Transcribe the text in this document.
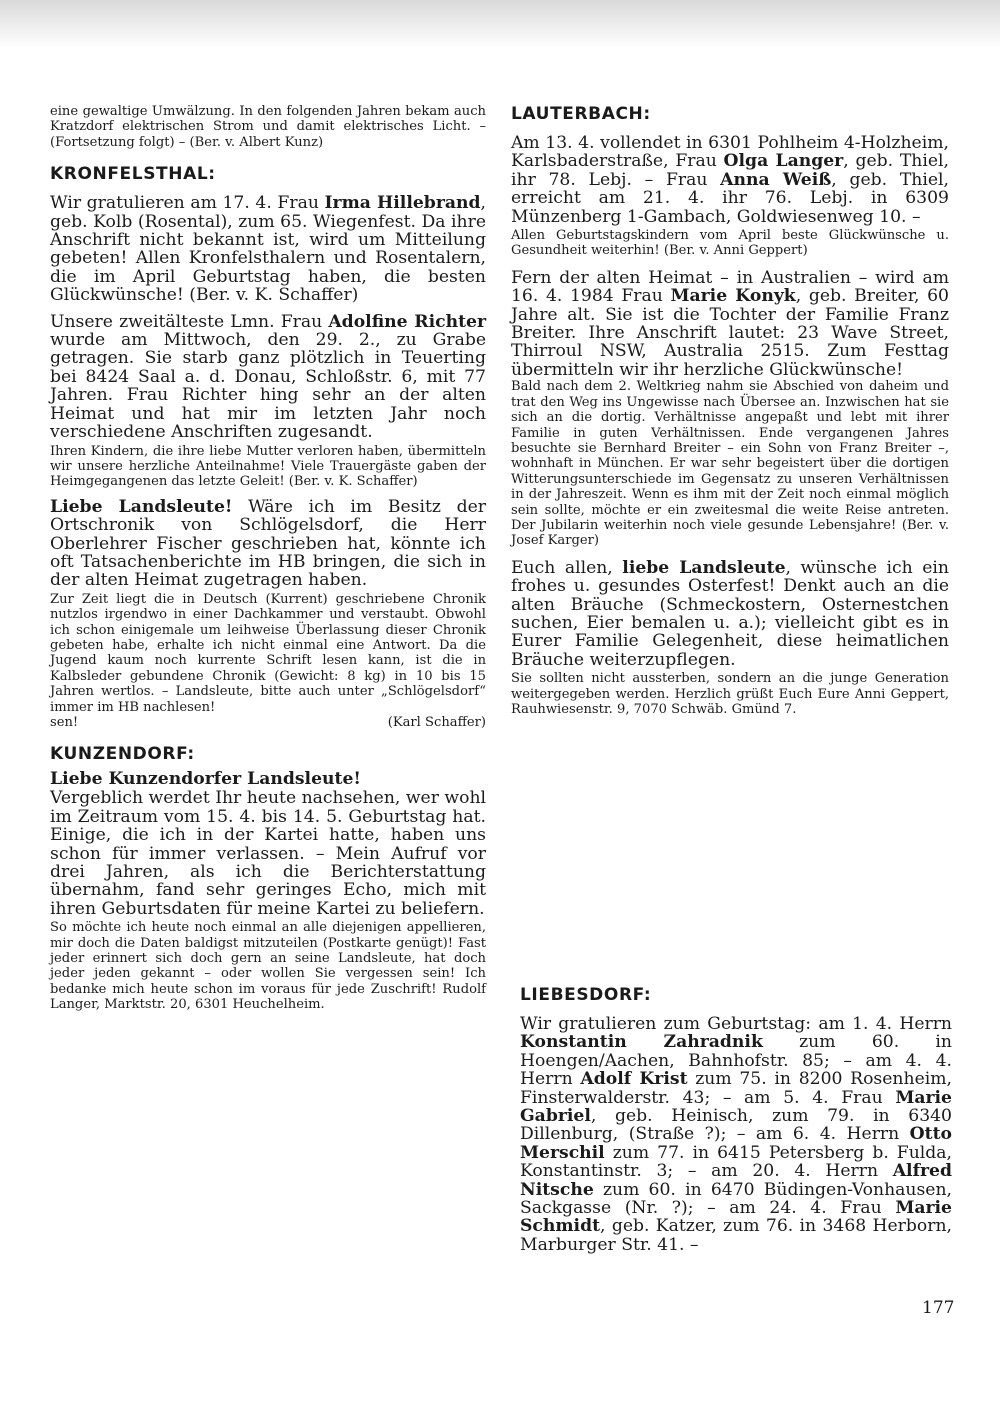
eine gewaltige Umwälzung. In den folgenden Jahren bekam auch Kratzdorf elektrischen Strom und damit elektrisches Licht. – (Fortsetzung folgt) – (Ber. v. Albert Kunz)

KRONFELSTHAL:

Wir gratulieren am 17. 4. Frau Irma Hillebrand, geb. Kolb (Rosental), zum 65. Wiegenfest. Da ihre Anschrift nicht bekannt ist, wird um Mitteilung gebeten! Allen Kronfelsthalern und Rosentalern, die im April Geburtstag haben, die besten Glückwünsche! (Ber. v. K. Schaffer)

Unsere zweitälteste Lmn. Frau Adolfine Richter wurde am Mittwoch, den 29. 2., zu Grabe getragen. Sie starb ganz plötzlich in Teuerting bei 8424 Saal a. d. Donau, Schloßstr. 6, mit 77 Jahren. Frau Richter hing sehr an der alten Heimat und hat mir im letzten Jahr noch verschiedene Anschriften zugesandt.

Ihren Kindern, die ihre liebe Mutter verloren haben, übermitteln wir unsere herzliche Anteilnahme! Viele Trauergäste gaben der Heimgegangenen das letzte Geleit! (Ber. v. K. Schaffer)

Liebe Landsleute! Wäre ich im Besitz der Ortschronik von Schlögelsdorf, die Herr Oberlehrer Fischer geschrieben hat, könnte ich oft Tatsachenberichte im HB bringen, die sich in der alten Heimat zugetragen haben.

Zur Zeit liegt die in Deutsch (Kurrent) geschriebene Chronik nutzlos irgendwo in einer Dachkammer und verstaubt. Obwohl ich schon einigemale um leihweise Überlassung dieser Chronik gebeten habe, erhalte ich nicht einmal eine Antwort. Da die Jugend kaum noch kurrente Schrift lesen kann, ist die in Kalbsleder gebundene Chronik (Gewicht: 8 kg) in 10 bis 15 Jahren wertlos. – Landsleute, bitte auch unter „Schlögelsdorf“ immer im HB nachlesen!

sen!	(Karl Schaffer)
KUNZENDORF:
Liebe Kunzendorfer Landsleute!

Vergeblich werdet Ihr heute nachsehen, wer wohl im Zeitraum vom 15. 4. bis 14. 5. Geburtstag hat. Einige, die ich in der Kartei hatte, haben uns schon für immer verlassen. – Mein Aufruf vor drei Jahren, als ich die Berichterstattung übernahm, fand sehr geringes Echo, mich mit ihren Geburtsdaten für meine Kartei zu beliefern.

So möchte ich heute noch einmal an alle diejenigen appellieren, mir doch die Daten baldigst mitzuteilen (Postkarte genügt)! Fast jeder erinnert sich doch gern an seine Landsleute, hat doch jeder jeden gekannt – oder wollen Sie vergessen sein! Ich bedanke mich heute schon im voraus für jede Zuschrift! Rudolf Langer, Marktstr. 20, 6301 Heuchelheim.

LAUTERBACH:

Am 13. 4. vollendet in 6301 Pohlheim 4-Holzheim, Karlsbaderstraße, Frau Olga Langer, geb. Thiel, ihr 78. Lebj. – Frau Anna Weiß, geb. Thiel, erreicht am 21. 4. ihr 76. Lebj. in 6309 Münzenberg 1-Gambach, Goldwiesenweg 10. –

Allen Geburtstagskindern vom April beste Glückwünsche u. Gesundheit weiterhin! (Ber. v. Anni Geppert)

Fern der alten Heimat – in Australien – wird am 16. 4. 1984 Frau Marie Konyk, geb. Breiter, 60 Jahre alt. Sie ist die Tochter der Familie Franz Breiter. Ihre Anschrift lautet: 23 Wave Street, Thirroul NSW, Australia 2515. Zum Festtag übermitteln wir ihr herzliche Glückwünsche!

Bald nach dem 2. Weltkrieg nahm sie Abschied von daheim und trat den Weg ins Ungewisse nach Übersee an. Inzwischen hat sie sich an die dortig. Verhältnisse angepaßt und lebt mit ihrer Familie in guten Verhältnissen. Ende vergangenen Jahres besuchte sie Bernhard Breiter – ein Sohn von Franz Breiter –, wohnhaft in München. Er war sehr begeistert über die dortigen Witterungsunterschiede im Gegensatz zu unseren Verhältnissen in der Jahreszeit. Wenn es ihm mit der Zeit noch einmal möglich sein sollte, möchte er ein zweitesmal die weite Reise antreten. Der Jubilarin weiterhin noch viele gesunde Lebensjahre! (Ber. v. Josef Karger)

Euch allen, liebe Landsleute, wünsche ich ein frohes u. gesundes Osterfest! Denkt auch an die alten Bräuche (Schmeckostern, Osternestchen suchen, Eier bemalen u. a.); vielleicht gibt es in Eurer Familie Gelegenheit, diese heimatlichen Bräuche weiterzupflegen.

Sie sollten nicht aussterben, sondern an die junge Generation weitergegeben werden. Herzlich grüßt Euch Eure Anni Geppert, Rauhwiesenstr. 9, 7070 Schwäb. Gmünd 7.

LIEBESDORF:

Wir gratulieren zum Geburtstag: am 1. 4. Herrn Konstantin Zahradnik zum 60. in Hoengen/Aachen, Bahnhofstr. 85; – am 4. 4. Herrn Adolf Krist zum 75. in 8200 Rosenheim, Finsterwalderstr. 43; – am 5. 4. Frau Marie Gabriel, geb. Heinisch, zum 79. in 6340 Dillenburg, (Straße ?); – am 6. 4. Herrn Otto Merschil zum 77. in 6415 Petersberg b. Fulda, Konstantinstr. 3; – am 20. 4. Herrn Alfred Nitsche zum 60. in 6470 Büdingen-Vonhausen, Sackgasse (Nr. ?); – am 24. 4. Frau Marie Schmidt, geb. Katzer, zum 76. in 3468 Herborn, Marburger Str. 41. –

177
